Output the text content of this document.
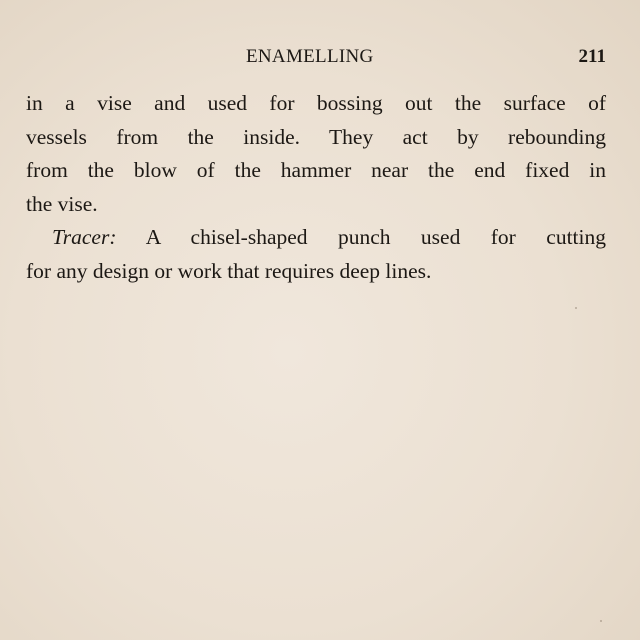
ENAMELLING	211
in a vise and used for bossing out the surface of
vessels from the inside. They act by rebounding
from the blow of the hammer near the end fixed in
the vise.
Tracer: A chisel-shaped punch used for cutting
for any design or work that requires deep lines.
